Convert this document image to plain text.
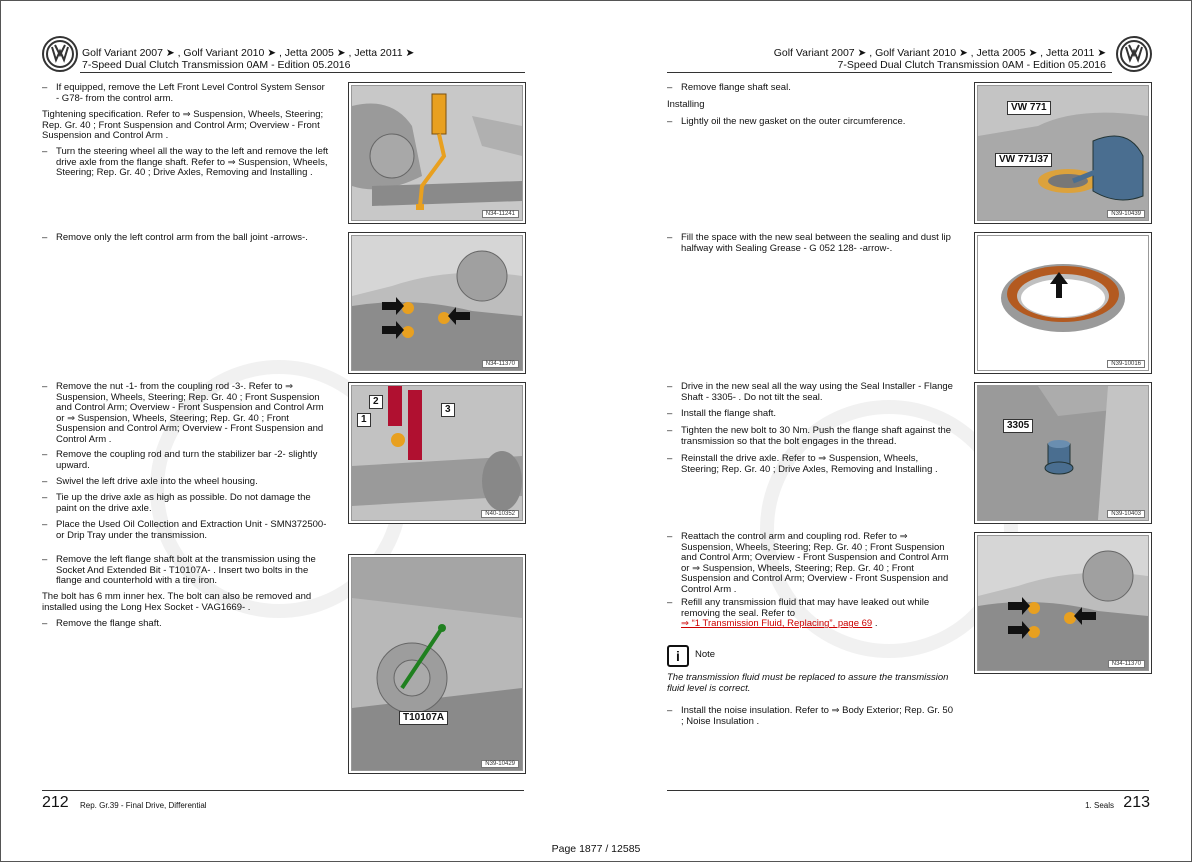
Golf Variant 2007 ➤ , Golf Variant 2010 ➤ , Jetta 2005 ➤ , Jetta 2011 ➤
7-Speed Dual Clutch Transmission 0AM - Edition 05.2016
Golf Variant 2007 ➤ , Golf Variant 2010 ➤ , Jetta 2005 ➤ , Jetta 2011 ➤
7-Speed Dual Clutch Transmission 0AM - Edition 05.2016
– If equipped, remove the Left Front Level Control System Sensor - G78- from the control arm.
Tightening specification. Refer to ⇒ Suspension, Wheels, Steering; Rep. Gr. 40 ; Front Suspension and Control Arm; Overview - Front Suspension and Control Arm .
– Turn the steering wheel all the way to the left and remove the left drive axle from the flange shaft. Refer to ⇒ Suspension, Wheels, Steering; Rep. Gr. 40 ; Drive Axles, Removing and Installing .
– Remove only the left control arm from the ball joint -arrows-.
– Remove the nut -1- from the coupling rod -3-. Refer to ⇒ Suspension, Wheels, Steering; Rep. Gr. 40 ; Front Suspension and Control Arm; Overview - Front Suspension and Control Arm or ⇒ Suspension, Wheels, Steering; Rep. Gr. 40 ; Front Suspension and Control Arm; Overview - Front Suspension and Control Arm .
– Remove the coupling rod and turn the stabilizer bar -2- slightly upward.
– Swivel the left drive axle into the wheel housing.
– Tie up the drive axle as high as possible. Do not damage the paint on the drive axle.
– Place the Used Oil Collection and Extraction Unit - SMN372500- or Drip Tray under the transmission.
– Remove the left flange shaft bolt at the transmission using the Socket And Extended Bit - T10107A- . Insert two bolts in the flange and counterhold with a tire iron.
The bolt has 6 mm inner hex. The bolt can also be removed and installed using the Long Hex Socket - VAG1669- .
– Remove the flange shaft.
N34-11241
N34-11370
2
1
3
N40-10352
T10107A
N39-10429
212 Rep. Gr.39 - Final Drive, Differential
– Remove flange shaft seal.
Installing
– Lightly oil the new gasket on the outer circumference.
– Fill the space with the new seal between the sealing and dust lip halfway with Sealing Grease - G 052 128- -arrow-.
– Drive in the new seal all the way using the Seal Installer - Flange Shaft - 3305- . Do not tilt the seal.
– Install the flange shaft.
– Tighten the new bolt to 30 Nm. Push the flange shaft against the transmission so that the bolt engages in the thread.
– Reinstall the drive axle. Refer to ⇒ Suspension, Wheels, Steering; Rep. Gr. 40 ; Drive Axles, Removing and Installing .
– Reattach the control arm and coupling rod. Refer to ⇒ Suspension, Wheels, Steering; Rep. Gr. 40 ; Front Suspension and Control Arm; Overview - Front Suspension and Control Arm or ⇒ Suspension, Wheels, Steering; Rep. Gr. 40 ; Front Suspension and Control Arm; Overview - Front Suspension and Control Arm .
– Refill any transmission fluid that may have leaked out while removing the seal. Refer to
⇒ “1 Transmission Fluid, Replacing”, page 69 .
i	Note
The transmission fluid must be replaced to assure the transmission fluid level is correct.
– Install the noise insulation. Refer to ⇒ Body Exterior; Rep. Gr. 50 ; Noise Insulation .
VW 771
VW 771/37
N39-10439
N39-10016
3305
N39-10403
N34-11370
1. Seals 213
Page 1877 / 12585
